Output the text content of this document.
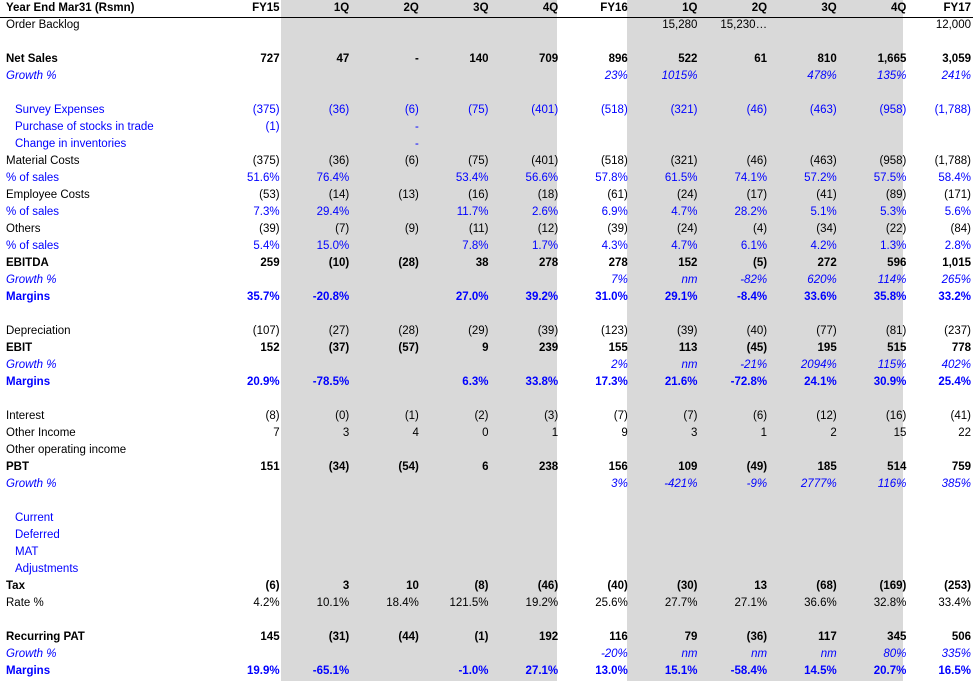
Year End Mar31 (Rsmn)	FY15	1Q	2Q	3Q	4Q	FY16	1Q	2Q	3Q	4Q	FY17
Order Backlog							15,280	15,230…			12,000

Net Sales	727	47	-	140	709	896	522	61	810	1,665	3,059
Growth %						23%	1015%		478%	135%	241%

Survey Expenses	(375)	(36)	(6)	(75)	(401)	(518)	(321)	(46)	(463)	(958)	(1,788)
Purchase of stocks in trade	(1)		-								
Change in inventories			-								
Material Costs	(375)	(36)	(6)	(75)	(401)	(518)	(321)	(46)	(463)	(958)	(1,788)
% of sales	51.6%	76.4%		53.4%	56.6%	57.8%	61.5%	74.1%	57.2%	57.5%	58.4%
Employee Costs	(53)	(14)	(13)	(16)	(18)	(61)	(24)	(17)	(41)	(89)	(171)
% of sales	7.3%	29.4%		11.7%	2.6%	6.9%	4.7%	28.2%	5.1%	5.3%	5.6%
Others	(39)	(7)	(9)	(11)	(12)	(39)	(24)	(4)	(34)	(22)	(84)
% of sales	5.4%	15.0%		7.8%	1.7%	4.3%	4.7%	6.1%	4.2%	1.3%	2.8%
EBITDA	259	(10)	(28)	38	278	278	152	(5)	272	596	1,015
Growth %						7%	nm	-82%	620%	114%	265%
Margins	35.7%	-20.8%		27.0%	39.2%	31.0%	29.1%	-8.4%	33.6%	35.8%	33.2%

Depreciation	(107)	(27)	(28)	(29)	(39)	(123)	(39)	(40)	(77)	(81)	(237)
EBIT	152	(37)	(57)	9	239	155	113	(45)	195	515	778
Growth %						2%	nm	-21%	2094%	115%	402%
Margins	20.9%	-78.5%		6.3%	33.8%	17.3%	21.6%	-72.8%	24.1%	30.9%	25.4%

Interest	(8)	(0)	(1)	(2)	(3)	(7)	(7)	(6)	(12)	(16)	(41)
Other Income	7	3	4	0	1	9	3	1	2	15	22
Other operating income											
PBT	151	(34)	(54)	6	238	156	109	(49)	185	514	759
Growth %						3%	-421%	-9%	2777%	116%	385%

Current											
Deferred											
MAT											
Adjustments											
Tax	(6)	3	10	(8)	(46)	(40)	(30)	13	(68)	(169)	(253)
Rate %	4.2%	10.1%	18.4%	121.5%	19.2%	25.6%	27.7%	27.1%	36.6%	32.8%	33.4%

Recurring PAT	145	(31)	(44)	(1)	192	116	79	(36)	117	345	506
Growth %						-20%	nm	nm	nm	80%	335%
Margins	19.9%	-65.1%		-1.0%	27.1%	13.0%	15.1%	-58.4%	14.5%	20.7%	16.5%
